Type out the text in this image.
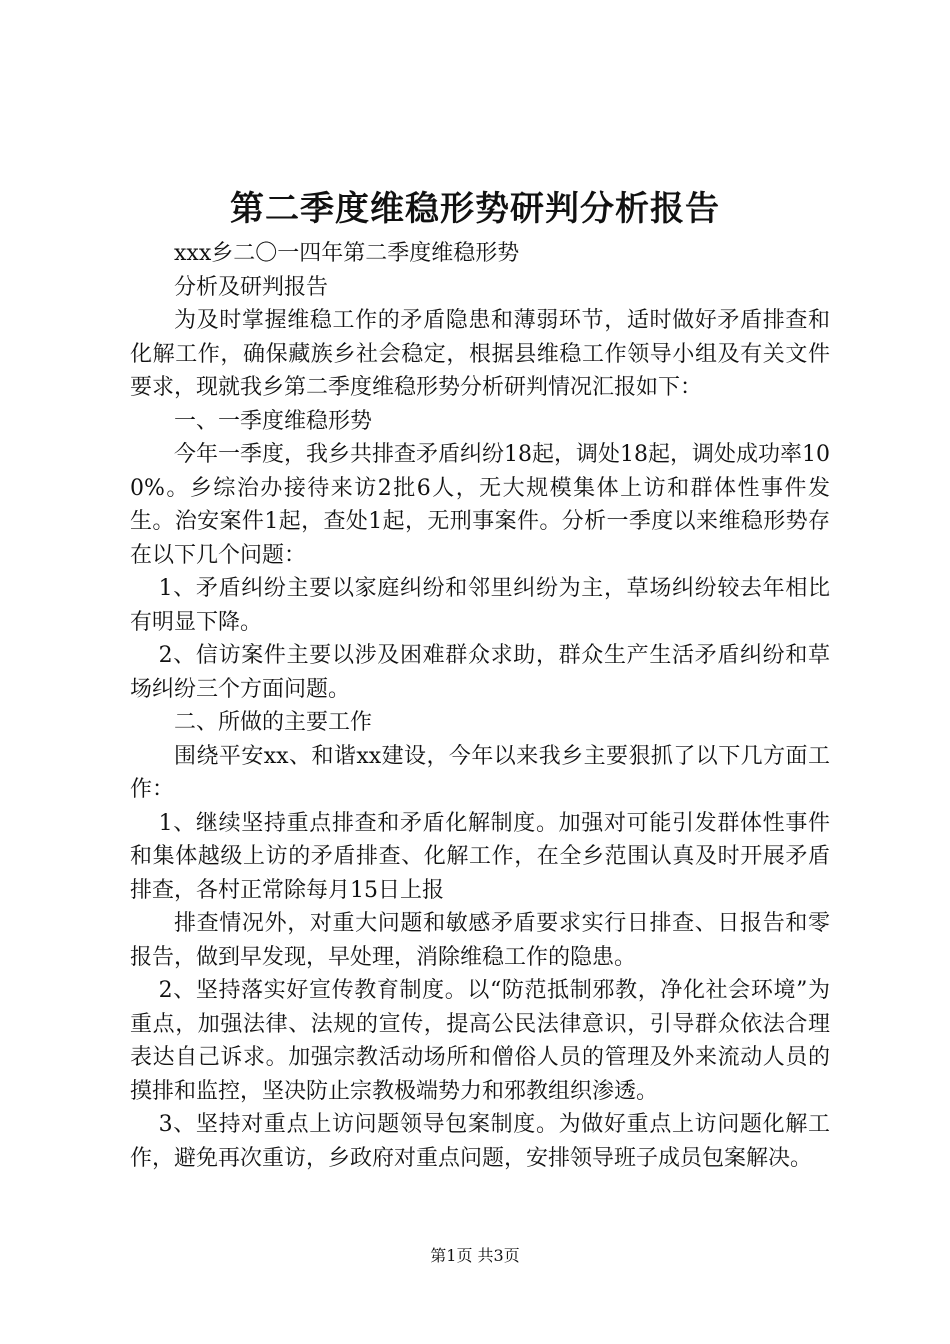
第二季度维稳形势研判分析报告

xxx乡二〇一四年第二季度维稳形势

分析及研判报告

为及时掌握维稳工作的矛盾隐患和薄弱环节，适时做好矛盾排查和化解工作，确保藏族乡社会稳定，根据县维稳工作领导小组及有关文件要求，现就我乡第二季度维稳形势分析研判情况汇报如下：

一、一季度维稳形势

今年一季度，我乡共排查矛盾纠纷18起，调处18起，调处成功率100%。乡综治办接待来访2批6人，无大规模集体上访和群体性事件发生。治安案件1起，查处1起，无刑事案件。分析一季度以来维稳形势存在以下几个问题：

1、矛盾纠纷主要以家庭纠纷和邻里纠纷为主，草场纠纷较去年相比有明显下降。

2、信访案件主要以涉及困难群众求助，群众生产生活矛盾纠纷和草场纠纷三个方面问题。

二、所做的主要工作

围绕平安xx、和谐xx建设，今年以来我乡主要狠抓了以下几方面工作：

1、继续坚持重点排查和矛盾化解制度。加强对可能引发群体性事件和集体越级上访的矛盾排查、化解工作，在全乡范围认真及时开展矛盾排查，各村正常除每月15日上报

排查情况外，对重大问题和敏感矛盾要求实行日排查、日报告和零报告，做到早发现，早处理，消除维稳工作的隐患。

2、坚持落实好宣传教育制度。以“防范抵制邪教，净化社会环境”为重点，加强法律、法规的宣传，提高公民法律意识，引导群众依法合理表达自己诉求。加强宗教活动场所和僧俗人员的管理及外来流动人员的摸排和监控，坚决防止宗教极端势力和邪教组织渗透。

3、坚持对重点上访问题领导包案制度。为做好重点上访问题化解工作，避免再次重访，乡政府对重点问题，安排领导班子成员包案解决。

第1页 共3页
